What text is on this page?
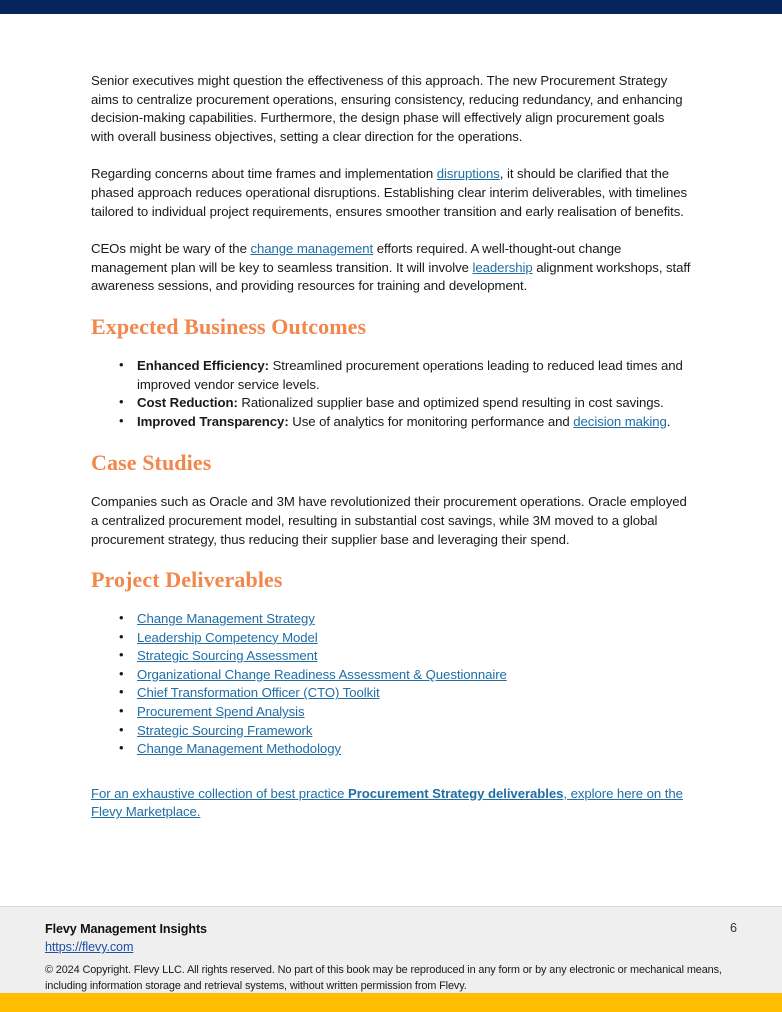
Senior executives might question the effectiveness of this approach. The new Procurement Strategy aims to centralize procurement operations, ensuring consistency, reducing redundancy, and enhancing decision-making capabilities. Furthermore, the design phase will effectively align procurement goals with overall business objectives, setting a clear direction for the operations.

Regarding concerns about time frames and implementation disruptions, it should be clarified that the phased approach reduces operational disruptions. Establishing clear interim deliverables, with timelines tailored to individual project requirements, ensures smoother transition and early realisation of benefits.

CEOs might be wary of the change management efforts required. A well-thought-out change management plan will be key to seamless transition. It will involve leadership alignment workshops, staff awareness sessions, and providing resources for training and development.

Expected Business Outcomes
• Enhanced Efficiency: Streamlined procurement operations leading to reduced lead times and improved vendor service levels.
• Cost Reduction: Rationalized supplier base and optimized spend resulting in cost savings.
• Improved Transparency: Use of analytics for monitoring performance and decision making.
Case Studies

Companies such as Oracle and 3M have revolutionized their procurement operations. Oracle employed a centralized procurement model, resulting in substantial cost savings, while 3M moved to a global procurement strategy, thus reducing their supplier base and leveraging their spend.

Project Deliverables
• Change Management Strategy
• Leadership Competency Model
• Strategic Sourcing Assessment
• Organizational Change Readiness Assessment & Questionnaire
• Chief Transformation Officer (CTO) Toolkit
• Procurement Spend Analysis
• Strategic Sourcing Framework
• Change Management Methodology

For an exhaustive collection of best practice Procurement Strategy deliverables, explore here on the Flevy Marketplace.

Flevy Management Insights
https://flevy.com
6
© 2024 Copyright. Flevy LLC. All rights reserved. No part of this book may be reproduced in any form or by any electronic or mechanical means, including information storage and retrieval systems, without written permission from Flevy.
